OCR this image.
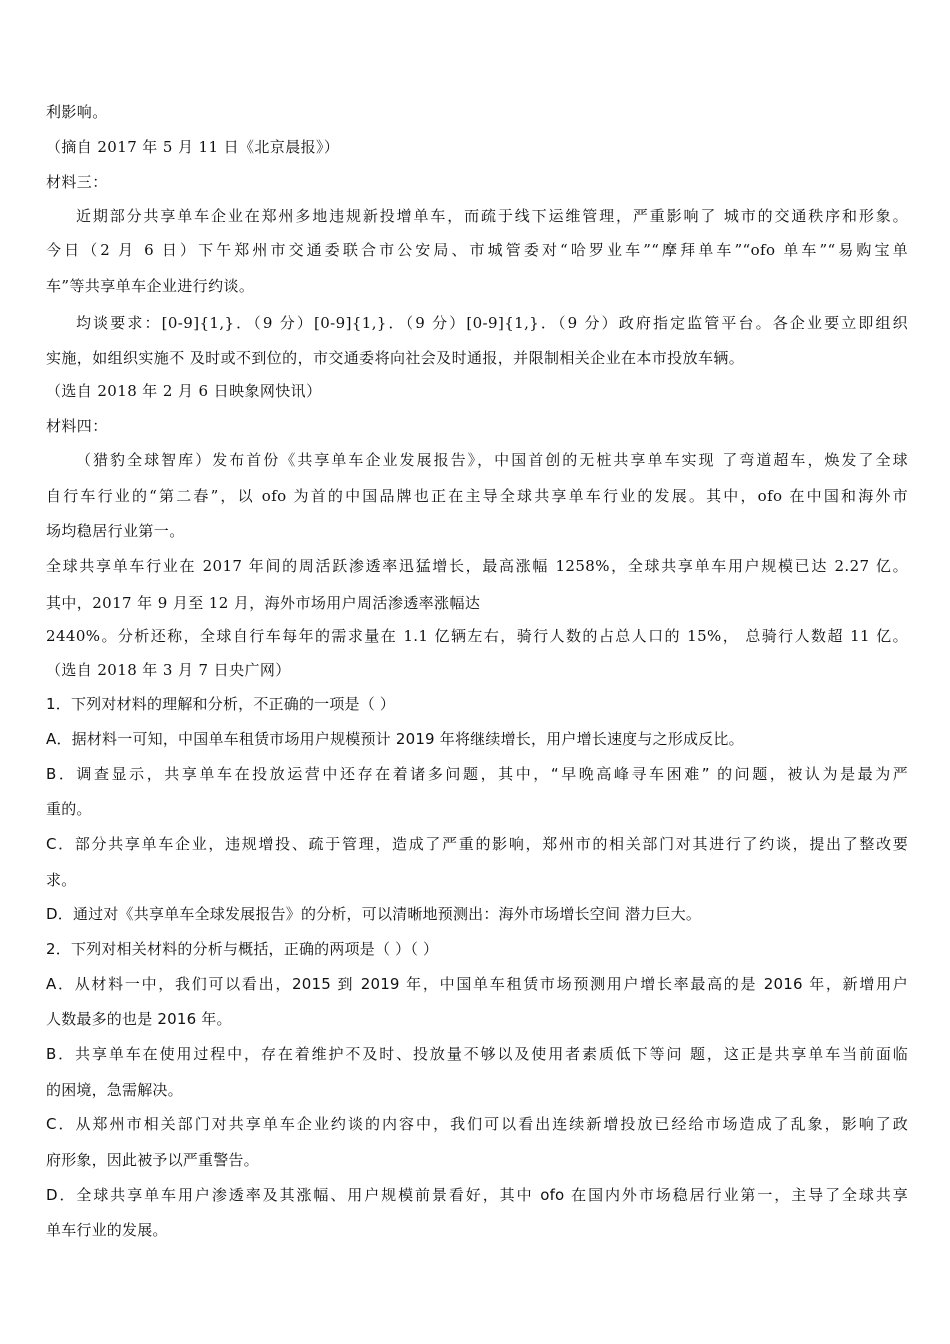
利影响。
（摘自 2017 年 5 月 11 日《北京晨报》）
材料三：
近期部分共享单车企业在郑州多地违规新投增单车，而疏于线下运维管理，严重影响了 城市的交通秩序和形象。
今日（2 月 6 日）下午郑州市交通委联合市公安局、市城管委对“哈罗业车”“摩拜单车”“ofo 单车”“易购宝单
车”等共享单车企业进行约谈。
均谈要求：[0-9]{1,}．（9 分）[0-9]{1,}．（9 分）[0-9]{1,}．（9 分）政府指定监管平台。各企业要立即组织
实施，如组织实施不 及时或不到位的，市交通委将向社会及时通报，并限制相关企业在本市投放车辆。
（选自 2018 年 2 月 6 日映象网快讯）
材料四：
（猎豹全球智库）发布首份《共享单车企业发展报告》，中国首创的无桩共享单车实现 了弯道超车，焕发了全球
自行车行业的“第二春”，以 ofo 为首的中国品牌也正在主导全球共享单车行业的发展。其中，ofo 在中国和海外市
场均稳居行业第一。
全球共享单车行业在 2017 年间的周活跃渗透率迅猛增长，最高涨幅 1258%，全球共享单车用户规模已达 2.27 亿。
其中，2017 年 9 月至 12 月，海外市场用户周活渗透率涨幅达
2440%。分析还称，全球自行车每年的需求量在 1.1 亿辆左右，骑行人数的占总人口的 15%， 总骑行人数超 11 亿。
（选自 2018 年 3 月 7 日央广网）
1．下列对材料的理解和分析，不正确的一项是（ ）
A．据材料一可知，中国单车租赁市场用户规模预计 2019 年将继续增长，用户增长速度与之形成反比。
B．调查显示，共享单车在投放运营中还存在着诸多问题，其中，“早晚高峰寻车困难” 的问题，被认为是最为严
重的。
C．部分共享单车企业，违规增投、疏于管理，造成了严重的影响，郑州市的相关部门对其进行了约谈，提出了整改要
求。
D．通过对《共享单车全球发展报告》的分析，可以清晰地预测出：海外市场增长空间 潜力巨大。
2．下列对相关材料的分析与概括，正确的两项是（ ）（ ）
A．从材料一中，我们可以看出，2015 到 2019 年，中国单车租赁市场预测用户增长率最高的是 2016 年，新增用户
人数最多的也是 2016 年。
B．共享单车在使用过程中，存在着维护不及时、投放量不够以及使用者素质低下等问 题，这正是共享单车当前面临
的困境，急需解决。
C．从郑州市相关部门对共享单车企业约谈的内容中，我们可以看出连续新增投放已经给市场造成了乱象，影响了政
府形象，因此被予以严重警告。
D．全球共享单车用户渗透率及其涨幅、用户规模前景看好，其中 ofo 在国内外市场稳居行业第一，主导了全球共享
单车行业的发展。
